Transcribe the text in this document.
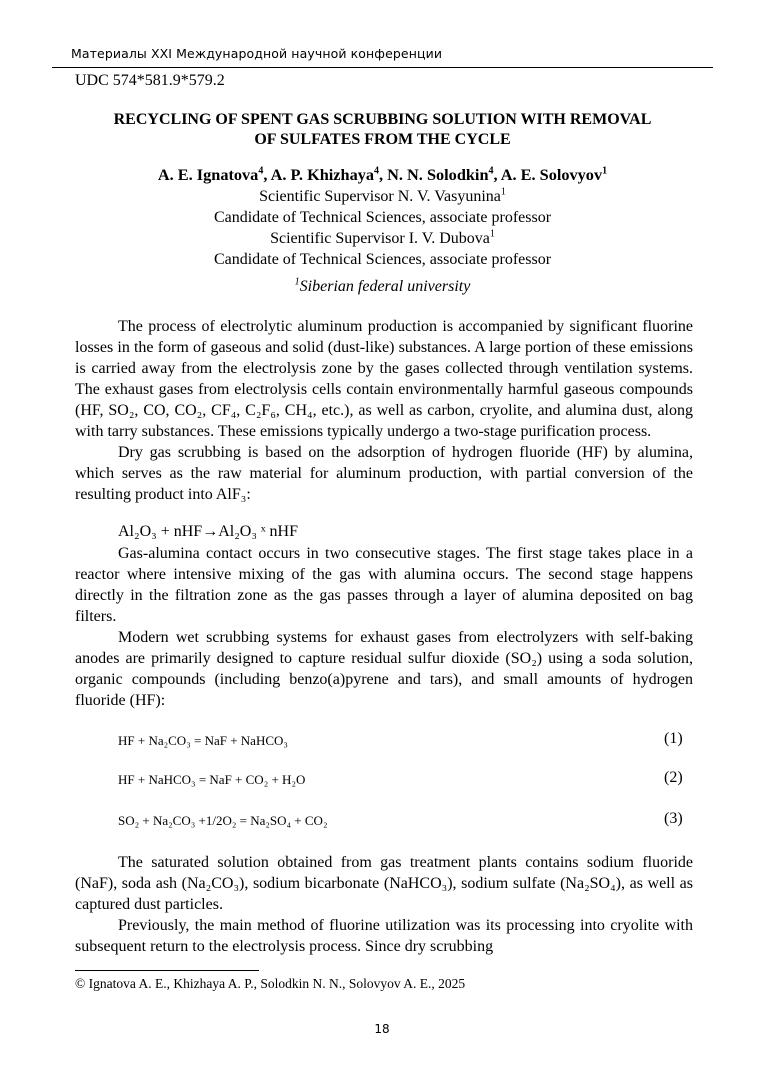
Материалы XXI Международной научной конференции
UDC 574*581.9*579.2
RECYCLING OF SPENT GAS SCRUBBING SOLUTION WITH REMOVAL
OF SULFATES FROM THE CYCLE
A. E. Ignatova$^4$, A. P. Khizhaya$^4$, N. N. Solodkin$^4$, A. E. Solovyov$^1$
Scientific Supervisor N. V. Vasyunina$^1$
Candidate of Technical Sciences, associate professor
Scientific Supervisor I. V. Dubova$^1$
Candidate of Technical Sciences, associate professor
$^1$Siberian federal university

The process of electrolytic aluminum production is accompanied by significant fluorine losses in the form of gaseous and solid (dust-like) substances. A large portion of these emissions is carried away from the electrolysis zone by the gases collected through ventilation systems. The exhaust gases from electrolysis cells contain environmentally harmful gaseous compounds (HF, SO₂, CO, CO₂, CF₄, C₂F₆, CH₄, etc.), as well as carbon, cryolite, and alumina dust, along with tarry substances. These emissions typically undergo a two-stage purification process.

Dry gas scrubbing is based on the adsorption of hydrogen fluoride (HF) by alumina, which serves as the raw material for aluminum production, with partial conversion of the resulting product into AlF₃:

Al₂O₃ + nHF→Al₂O₃ ˣ nHF

Gas-alumina contact occurs in two consecutive stages. The first stage takes place in a reactor where intensive mixing of the gas with alumina occurs. The second stage happens directly in the filtration zone as the gas passes through a layer of alumina deposited on bag filters.

Modern wet scrubbing systems for exhaust gases from electrolyzers with self-baking anodes are primarily designed to capture residual sulfur dioxide (SO₂) using a soda solution, organic compounds (including benzo(a)pyrene and tars), and small amounts of hydrogen fluoride (HF):

HF + Na₂CO₃ = NaF + NaHCO₃	(1)
HF + NaHCO₃ = NaF + CO₂ + H₂O	(2)
SO₂ + Na₂CO₃ +1/2O₂ = Na₂SO₄ + CO₂	(3)

The saturated solution obtained from gas treatment plants contains sodium fluoride (NaF), soda ash (Na₂CO₃), sodium bicarbonate (NaHCO₃), sodium sulfate (Na₂SO₄), as well as captured dust particles.

Previously, the main method of fluorine utilization was its processing into cryolite with subsequent return to the electrolysis process. Since dry scrubbing

© Ignatova A. E., Khizhaya A. P., Solodkin N. N., Solovyov A. E., 2025
18
